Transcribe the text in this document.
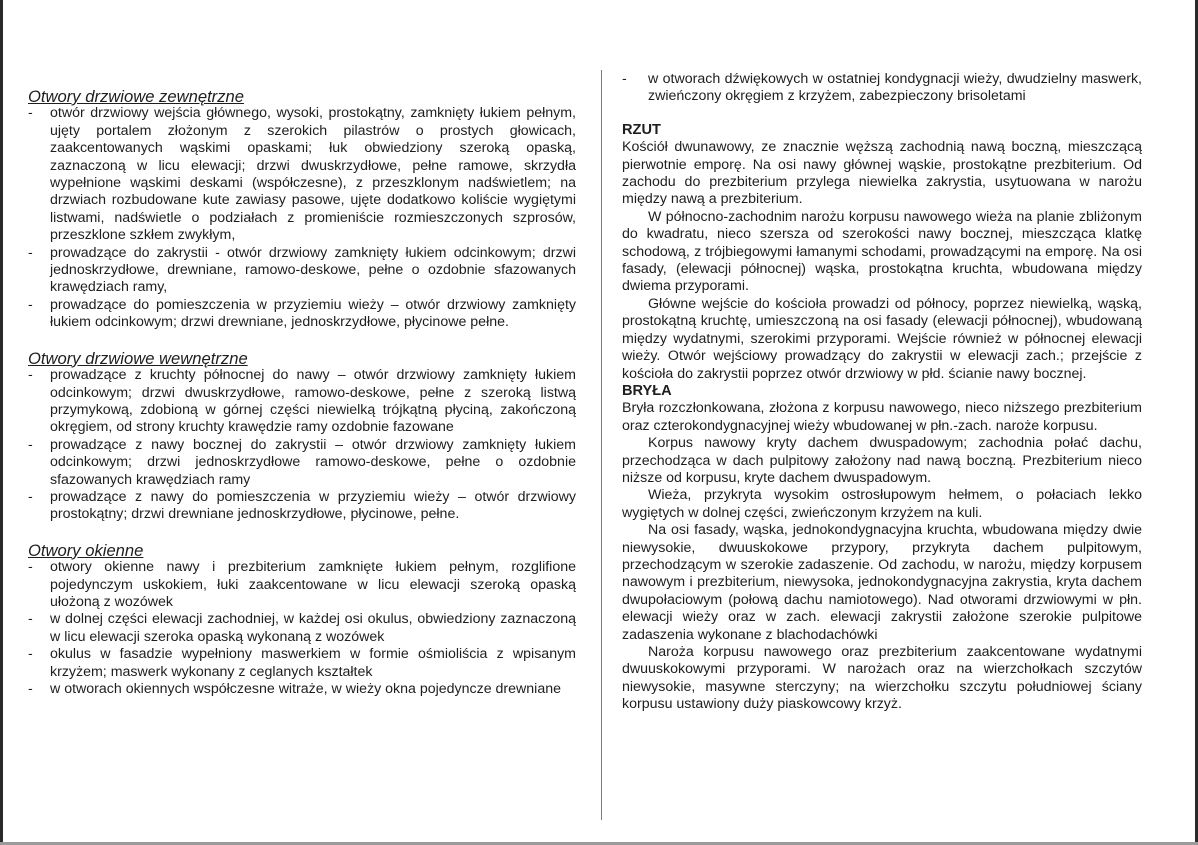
Otwory drzwiowe zewnętrzne
- otwór drzwiowy wejścia głównego, wysoki, prostokątny, zamknięty łukiem pełnym, ujęty portalem złożonym z szerokich pilastrów o prostych głowicach, zaakcentowanych wąskimi opaskami; łuk obwiedziony szeroką opaską, zaznaczoną w licu elewacji; drzwi dwuskrzydłowe, pełne ramowe, skrzydła wypełnione wąskimi deskami (współczesne), z przeszklonym nadświetlem; na drzwiach rozbudowane kute zawiasy pasowe, ujęte dodatkowo koliście wygiętymi listwami, nadświetle o podziałach z promieniście rozmieszczonych szprosów, przeszklone szkłem zwykłym,
- prowadzące do zakrystii - otwór drzwiowy zamknięty łukiem odcinkowym; drzwi jednoskrzydłowe, drewniane, ramowo-deskowe, pełne o ozdobnie sfazowanych krawędziach ramy,
- prowadzące do pomieszczenia w przyziemiu wieży – otwór drzwiowy zamknięty łukiem odcinkowym; drzwi drewniane, jednoskrzydłowe, płycinowe pełne.
Otwory drzwiowe wewnętrzne
- prowadzące z kruchty północnej do nawy – otwór drzwiowy zamknięty łukiem odcinkowym; drzwi dwuskrzydłowe, ramowo-deskowe, pełne z szeroką listwą przymykową, zdobioną w górnej części niewielką trójkątną płyciną, zakończoną okręgiem, od strony kruchty krawędzie ramy ozdobnie fazowane
- prowadzące z nawy bocznej do zakrystii – otwór drzwiowy zamknięty łukiem odcinkowym; drzwi jednoskrzydłowe ramowo-deskowe, pełne o ozdobnie sfazowanych krawędziach ramy
- prowadzące z nawy do pomieszczenia w przyziemiu wieży – otwór drzwiowy prostokątny; drzwi drewniane jednoskrzydłowe, płycinowe, pełne.
Otwory okienne
- otwory okienne nawy i prezbiterium zamknięte łukiem pełnym, rozglifione pojedynczym uskokiem, łuki zaakcentowane w licu elewacji szeroką opaską ułożoną z wozówek
- w dolnej części elewacji zachodniej, w każdej osi okulus, obwiedziony zaznaczoną w licu elewacji szeroka opaską wykonaną z wozówek
- okulus w fasadzie wypełniony maswerkiem w formie ośmioliścia z wpisanym krzyżem; maswerk wykonany z ceglanych kształtek
- w otworach okiennych współczesne witraże, w wieży okna pojedyncze drewniane
- w otworach dźwiękowych w ostatniej kondygnacji wieży, dwudzielny maswerk, zwieńczony okręgiem z krzyżem, zabezpieczony brisoletami
RZUT

Kościół dwunawowy, ze znacznie węższą zachodnią nawą boczną, mieszczącą pierwotnie emporę. Na osi nawy głównej wąskie, prostokątne prezbiterium. Od zachodu do prezbiterium przylega niewielka zakrystia, usytuowana w narożu między nawą a prezbiterium.

W północno-zachodnim narożu korpusu nawowego wieża na planie zbliżonym do kwadratu, nieco szersza od szerokości nawy bocznej, mieszcząca klatkę schodową, z trójbiegowymi łamanymi schodami, prowadzącymi na emporę. Na osi fasady, (elewacji północnej) wąska, prostokątna kruchta, wbudowana między dwiema przyporami.

Główne wejście do kościoła prowadzi od północy, poprzez niewielką, wąską, prostokątną kruchtę, umieszczoną na osi fasady (elewacji północnej), wbudowaną między wydatnymi, szerokimi przyporami. Wejście również w północnej elewacji wieży. Otwór wejściowy prowadzący do zakrystii w elewacji zach.; przejście z kościoła do zakrystii poprzez otwór drzwiowy w płd. ścianie nawy bocznej.

BRYŁA

Bryła rozczłonkowana, złożona z korpusu nawowego, nieco niższego prezbiterium oraz czterokondygnacyjnej wieży wbudowanej w płn.-zach. naroże korpusu.

Korpus nawowy kryty dachem dwuspadowym; zachodnia połać dachu, przechodząca w dach pulpitowy założony nad nawą boczną. Prezbiterium nieco niższe od korpusu, kryte dachem dwuspadowym.

Wieża, przykryta wysokim ostrosłupowym hełmem, o połaciach lekko wygiętych w dolnej części, zwieńczonym krzyżem na kuli.

Na osi fasady, wąska, jednokondygnacyjna kruchta, wbudowana między dwie niewysokie, dwuuskokowe przypory, przykryta dachem pulpitowym, przechodzącym w szerokie zadaszenie. Od zachodu, w narożu, między korpusem nawowym i prezbiterium, niewysoka, jednokondygnacyjna zakrystia, kryta dachem dwupołaciowym (połową dachu namiotowego). Nad otworami drzwiowymi w płn. elewacji wieży oraz w zach. elewacji zakrystii założone szerokie pulpitowe zadaszenia wykonane z blachodachówki

Naroża korpusu nawowego oraz prezbiterium zaakcentowane wydatnymi dwuuskokowymi przyporami. W narożach oraz na wierzchołkach szczytów niewysokie, masywne sterczyny; na wierzchołku szczytu południowej ściany korpusu ustawiony duży piaskowcowy krzyż.
